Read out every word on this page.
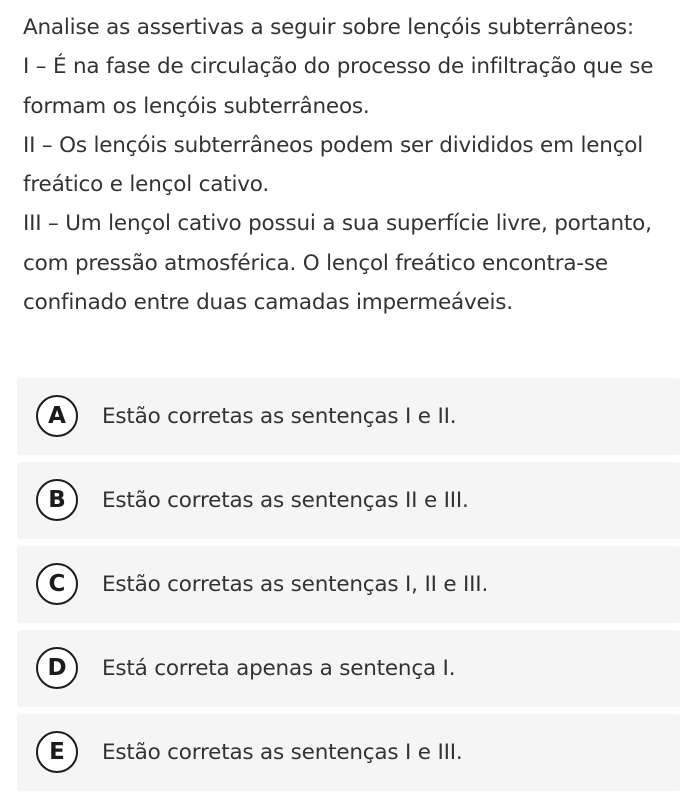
Analise as assertivas a seguir sobre lençóis subterrâneos:

I – É na fase de circulação do processo de infiltração que se formam os lençóis subterrâneos.

II – Os lençóis subterrâneos podem ser divididos em lençol freático e lençol cativo.

III – Um lençol cativo possui a sua superfície livre, portanto, com pressão atmosférica. O lençol freático encontra-se confinado entre duas camadas impermeáveis.

A	Estão corretas as sentenças I e II.
B	Estão corretas as sentenças II e III.
C	Estão corretas as sentenças I, II e III.
D	Está correta apenas a sentença I.
E	Estão corretas as sentenças I e III.
